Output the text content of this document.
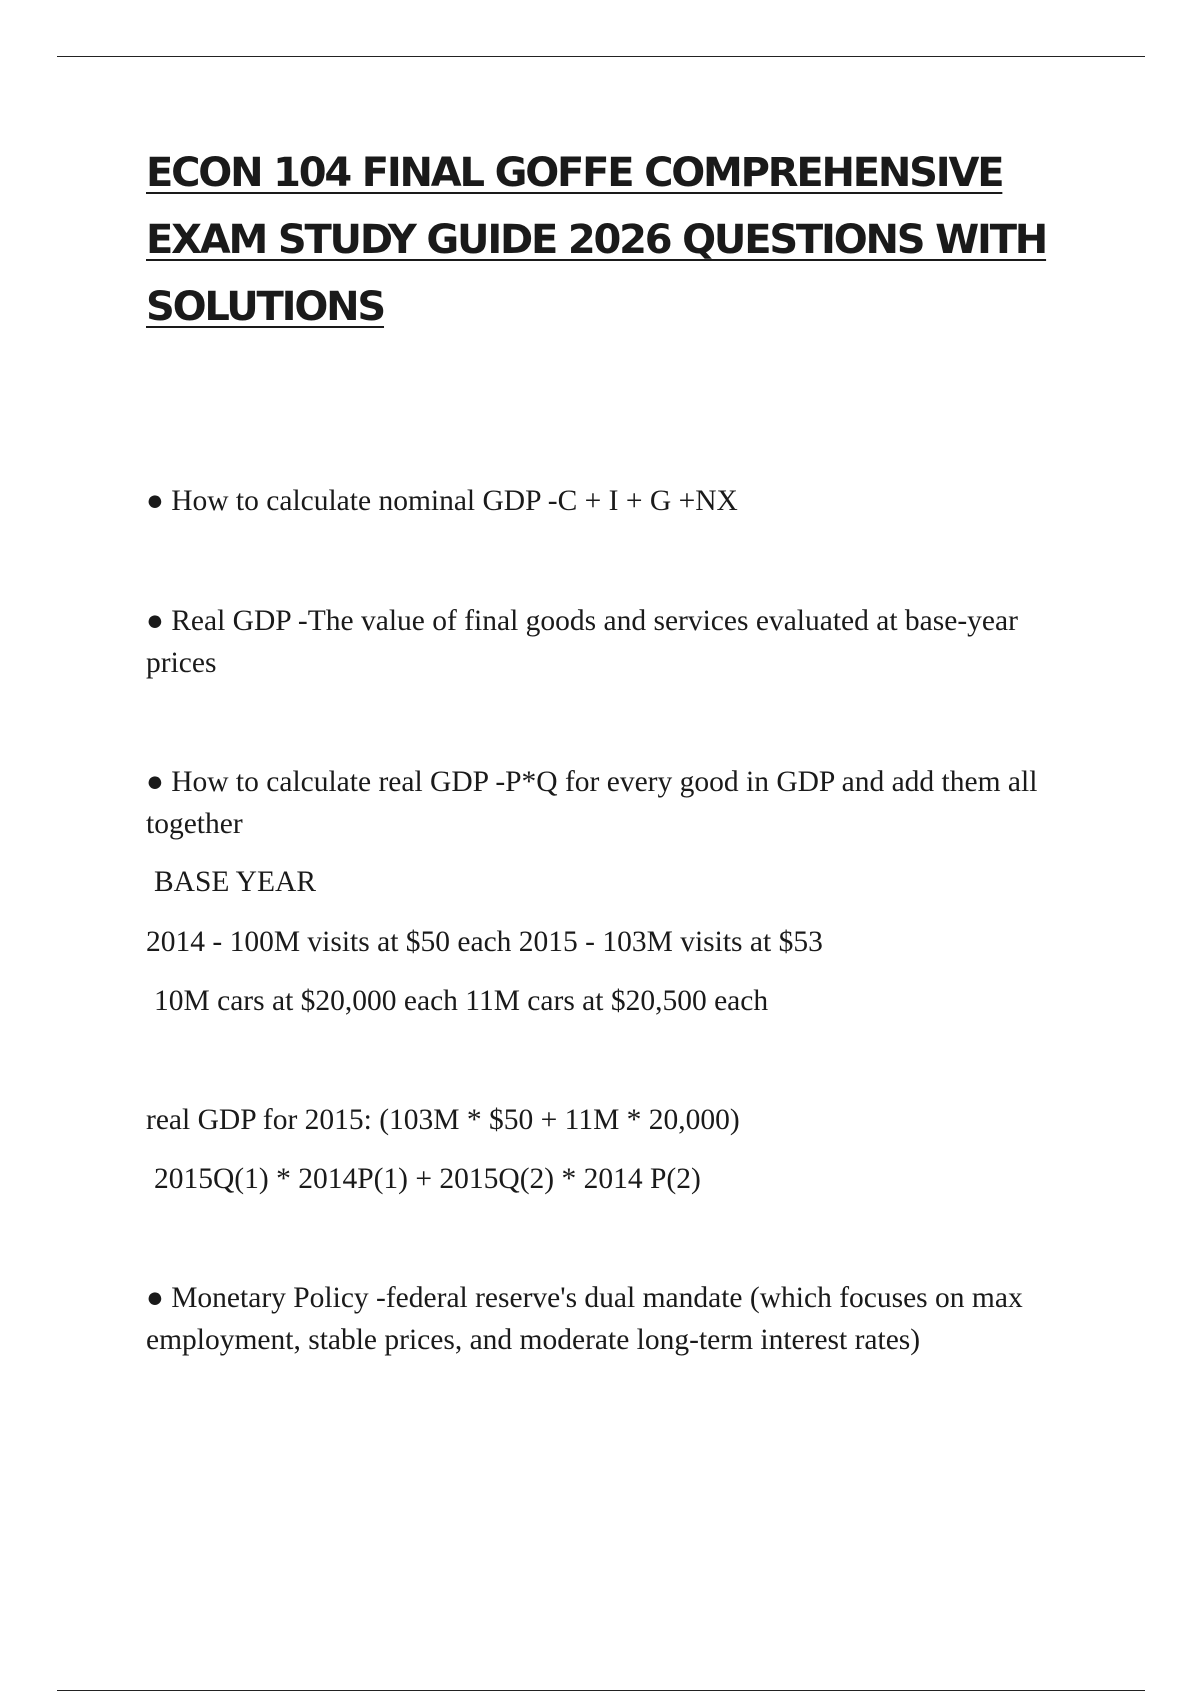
ECON 104 FINAL GOFFE COMPREHENSIVE EXAM STUDY GUIDE 2026 QUESTIONS WITH SOLUTIONS

● How to calculate nominal GDP -C + I + G +NX

● Real GDP -The value of final goods and services evaluated at base-year prices

● How to calculate real GDP -P*Q for every good in GDP and add them all together

BASE YEAR

2014 - 100M visits at $50 each 2015 - 103M visits at $53

10M cars at $20,000 each 11M cars at $20,500 each

real GDP for 2015: (103M * $50 + 11M * 20,000)

2015Q(1) * 2014P(1) + 2015Q(2) * 2014 P(2)

● Monetary Policy -federal reserve's dual mandate (which focuses on max employment, stable prices, and moderate long-term interest rates)
